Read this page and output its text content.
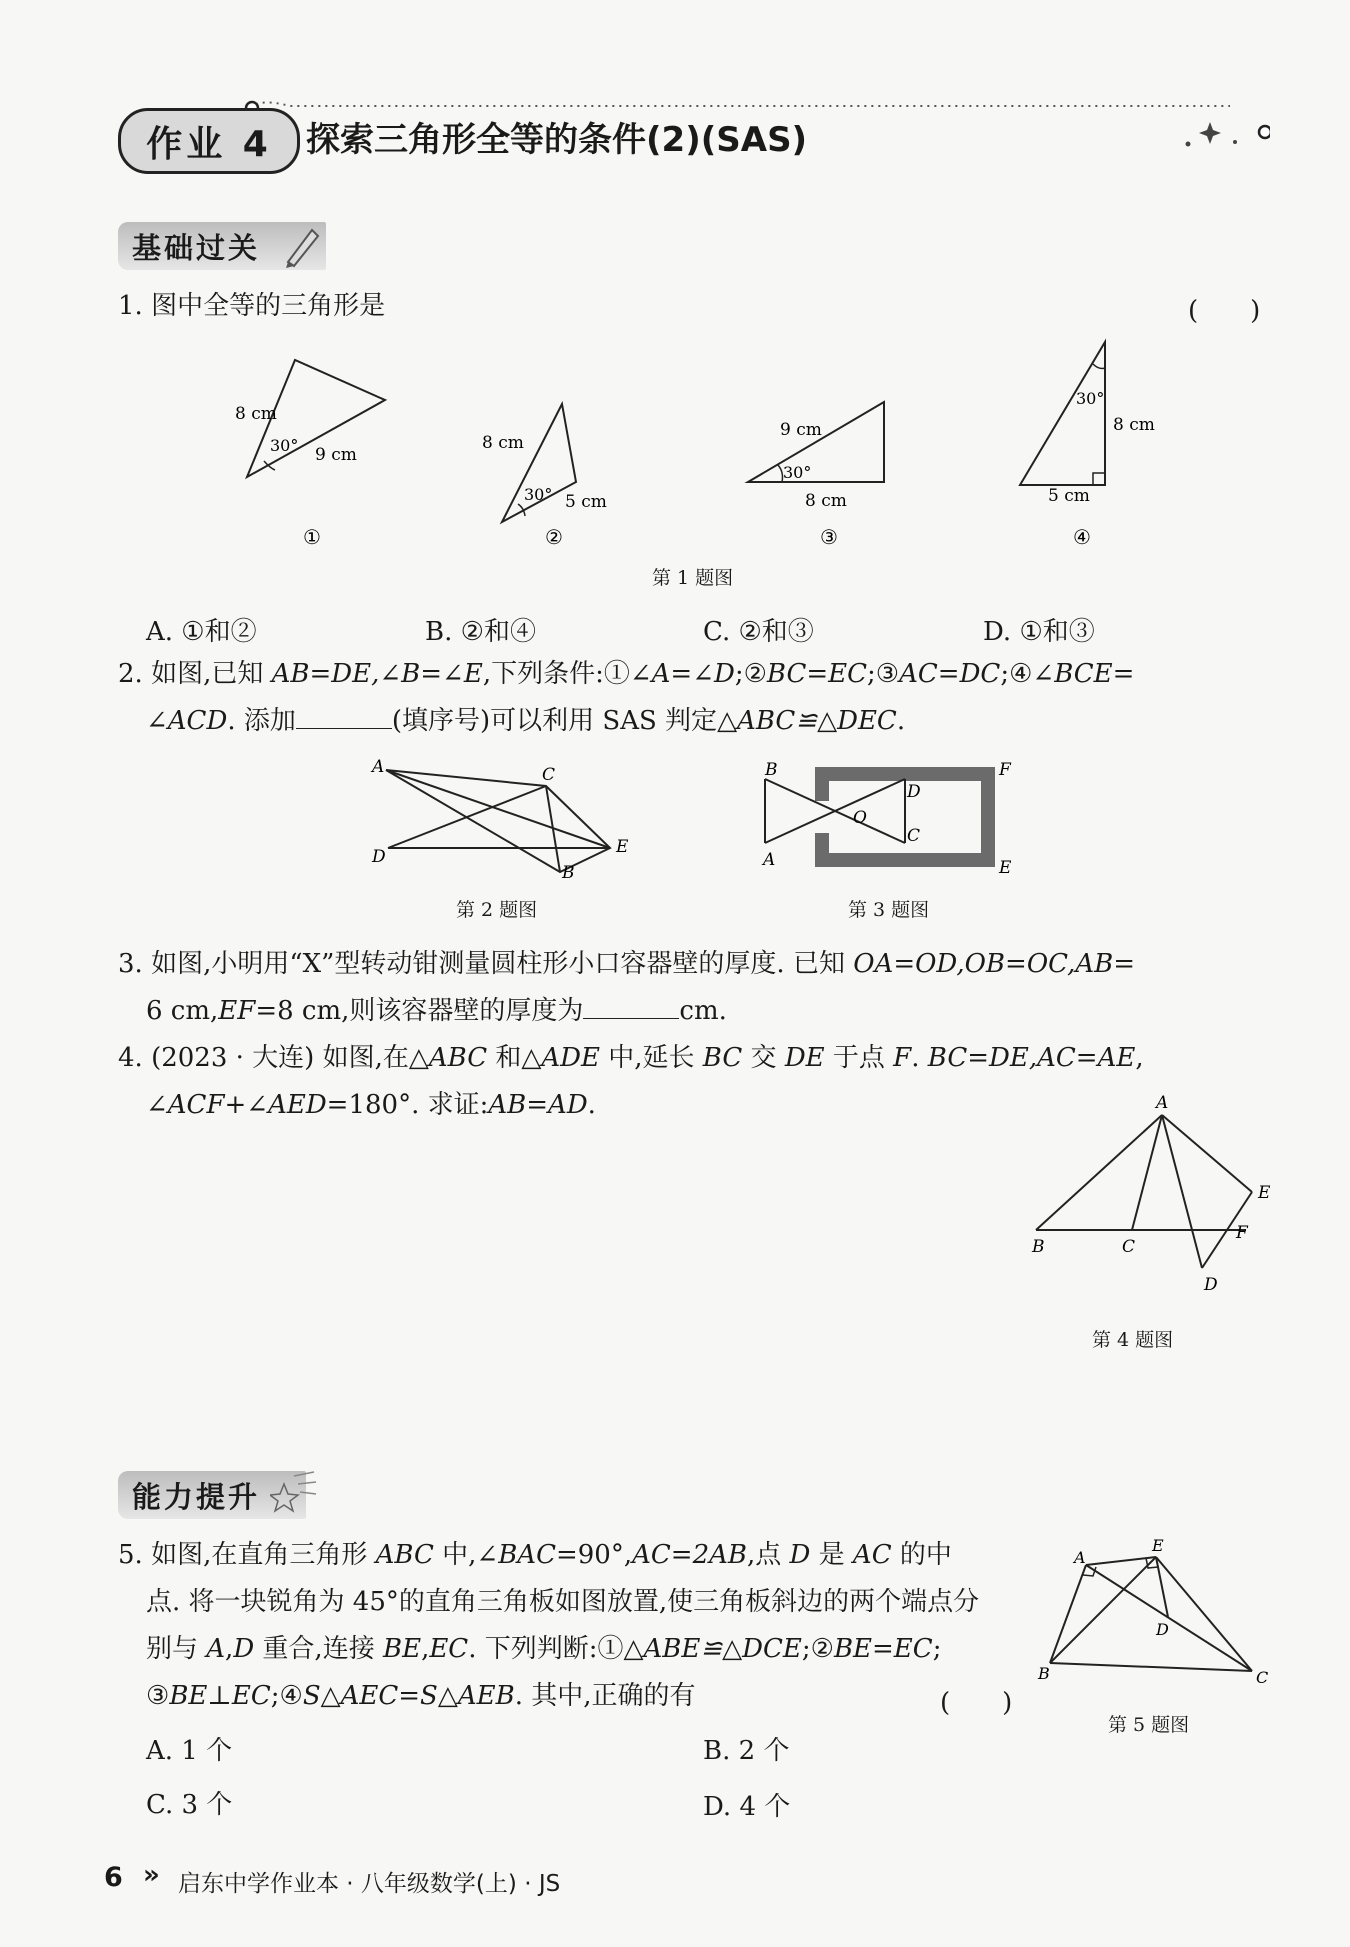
作业 4	探索三角形全等的条件(2)(SAS)
基础过关
1. 图中全等的三角形是	(　　)
8 cm
9 cm
30°
①
8 cm
5 cm
30°
②
9 cm
8 cm
30°
③
8 cm
5 cm
30°
④
第 1 题图
A. ①和②	B. ②和④	C. ②和③	D. ①和③
2. 如图,已知 AB=DE,∠B=∠E,下列条件:①∠A=∠D;②BC=EC;③AC=DC;④∠BCE=
∠ACD. 添加	(填序号)可以利用 SAS 判定△ABC≌△DEC.
A	C
D	E
B
第 2 题图
B
A
D
C
O
F
E
第 3 题图
3. 如图,小明用“X”型转动钳测量圆柱形小口容器壁的厚度. 已知 OA=OD,OB=OC,AB=
6 cm,EF=8 cm,则该容器壁的厚度为	cm.
4. (2023 · 大连) 如图,在△ABC 和△ADE 中,延长 BC 交 DE 于点 F. BC=DE,AC=AE,
∠ACF+∠AED=180°. 求证:AB=AD.	A
B	C
E
F
D
第 4 题图
能力提升
5. 如图,在直角三角形 ABC 中,∠BAC=90°,AC=2AB,点 D 是 AC 的中
点. 将一块锐角为 45°的直角三角板如图放置,使三角板斜边的两个端点分
别与 A,D 重合,连接 BE,EC. 下列判断:①△ABE≌△DCE;②BE=EC;
③BE⊥EC;④S△AEC=S△AEB. 其中,正确的有	(　　)
A. 1 个	B. 2 个
C. 3 个	D. 4 个
A
E
D
B	C
第 5 题图
6 » 启东中学作业本 · 八年级数学(上) · JS
